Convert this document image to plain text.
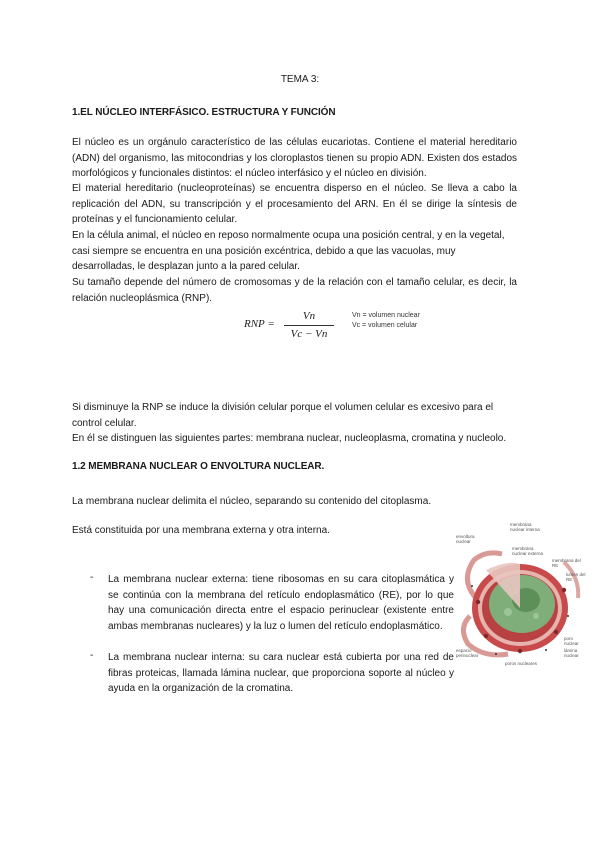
TEMA 3:
1.EL NÚCLEO INTERFÁSICO. ESTRUCTURA Y FUNCIÓN
El núcleo es un orgánulo característico de las células eucariotas. Contiene el material hereditario (ADN) del organismo, las mitocondrias y los cloroplastos tienen su propio ADN. Existen dos estados morfológicos y funcionales distintos: el núcleo interfásico y el núcleo en división.
El material hereditario (nucleoproteínas) se encuentra disperso en el núcleo. Se lleva a cabo la replicación del ADN, su transcripción y el procesamiento del ARN. En él se dirige la síntesis de proteínas y el funcionamiento celular.
En la célula animal, el núcleo en reposo normalmente ocupa una posición central, y en la vegetal, casi siempre se encuentra en una posición excéntrica, debido a que las vacuolas, muy desarrolladas, le desplazan junto a la pared celular.
Su tamaño depende del número de cromosomas y de la relación con el tamaño celular, es decir, la relación nucleoplásmica (RNP).
RNP =
Vn
Vc − Vn
Vn = volumen nuclear
Vc = volumen celular
Si disminuye la RNP se induce la división celular porque el volumen celular es excesivo para el control celular.
En él se distinguen las siguientes partes: membrana nuclear, nucleoplasma, cromatina y nucleolo.
1.2 MEMBRANA NUCLEAR O ENVOLTURA NUCLEAR.
La membrana nuclear delimita el núcleo, separando su contenido del citoplasma.
Está constituida por una membrana externa y otra interna.
- La membrana nuclear externa: tiene ribosomas en su cara citoplasmática y se continúa con la membrana del retículo endoplasmático (RE), por lo que hay una comunicación directa entre el espacio perinuclear (existente entre ambas membranas nucleares) y la luz o lumen del retículo endoplasmático.
- La membrana nuclear interna: su cara nuclear está cubierta por una red de fibras proteicas, llamada lámina nuclear, que proporciona soporte al núcleo y ayuda en la organización de la cromatina.
membrana nuclear interna
envoltura nuclear
membrana nuclear externa
membrana del RE
lumen del RE
poro nuclear
lámina nuclear
espacio perinuclear
poros nucleares
